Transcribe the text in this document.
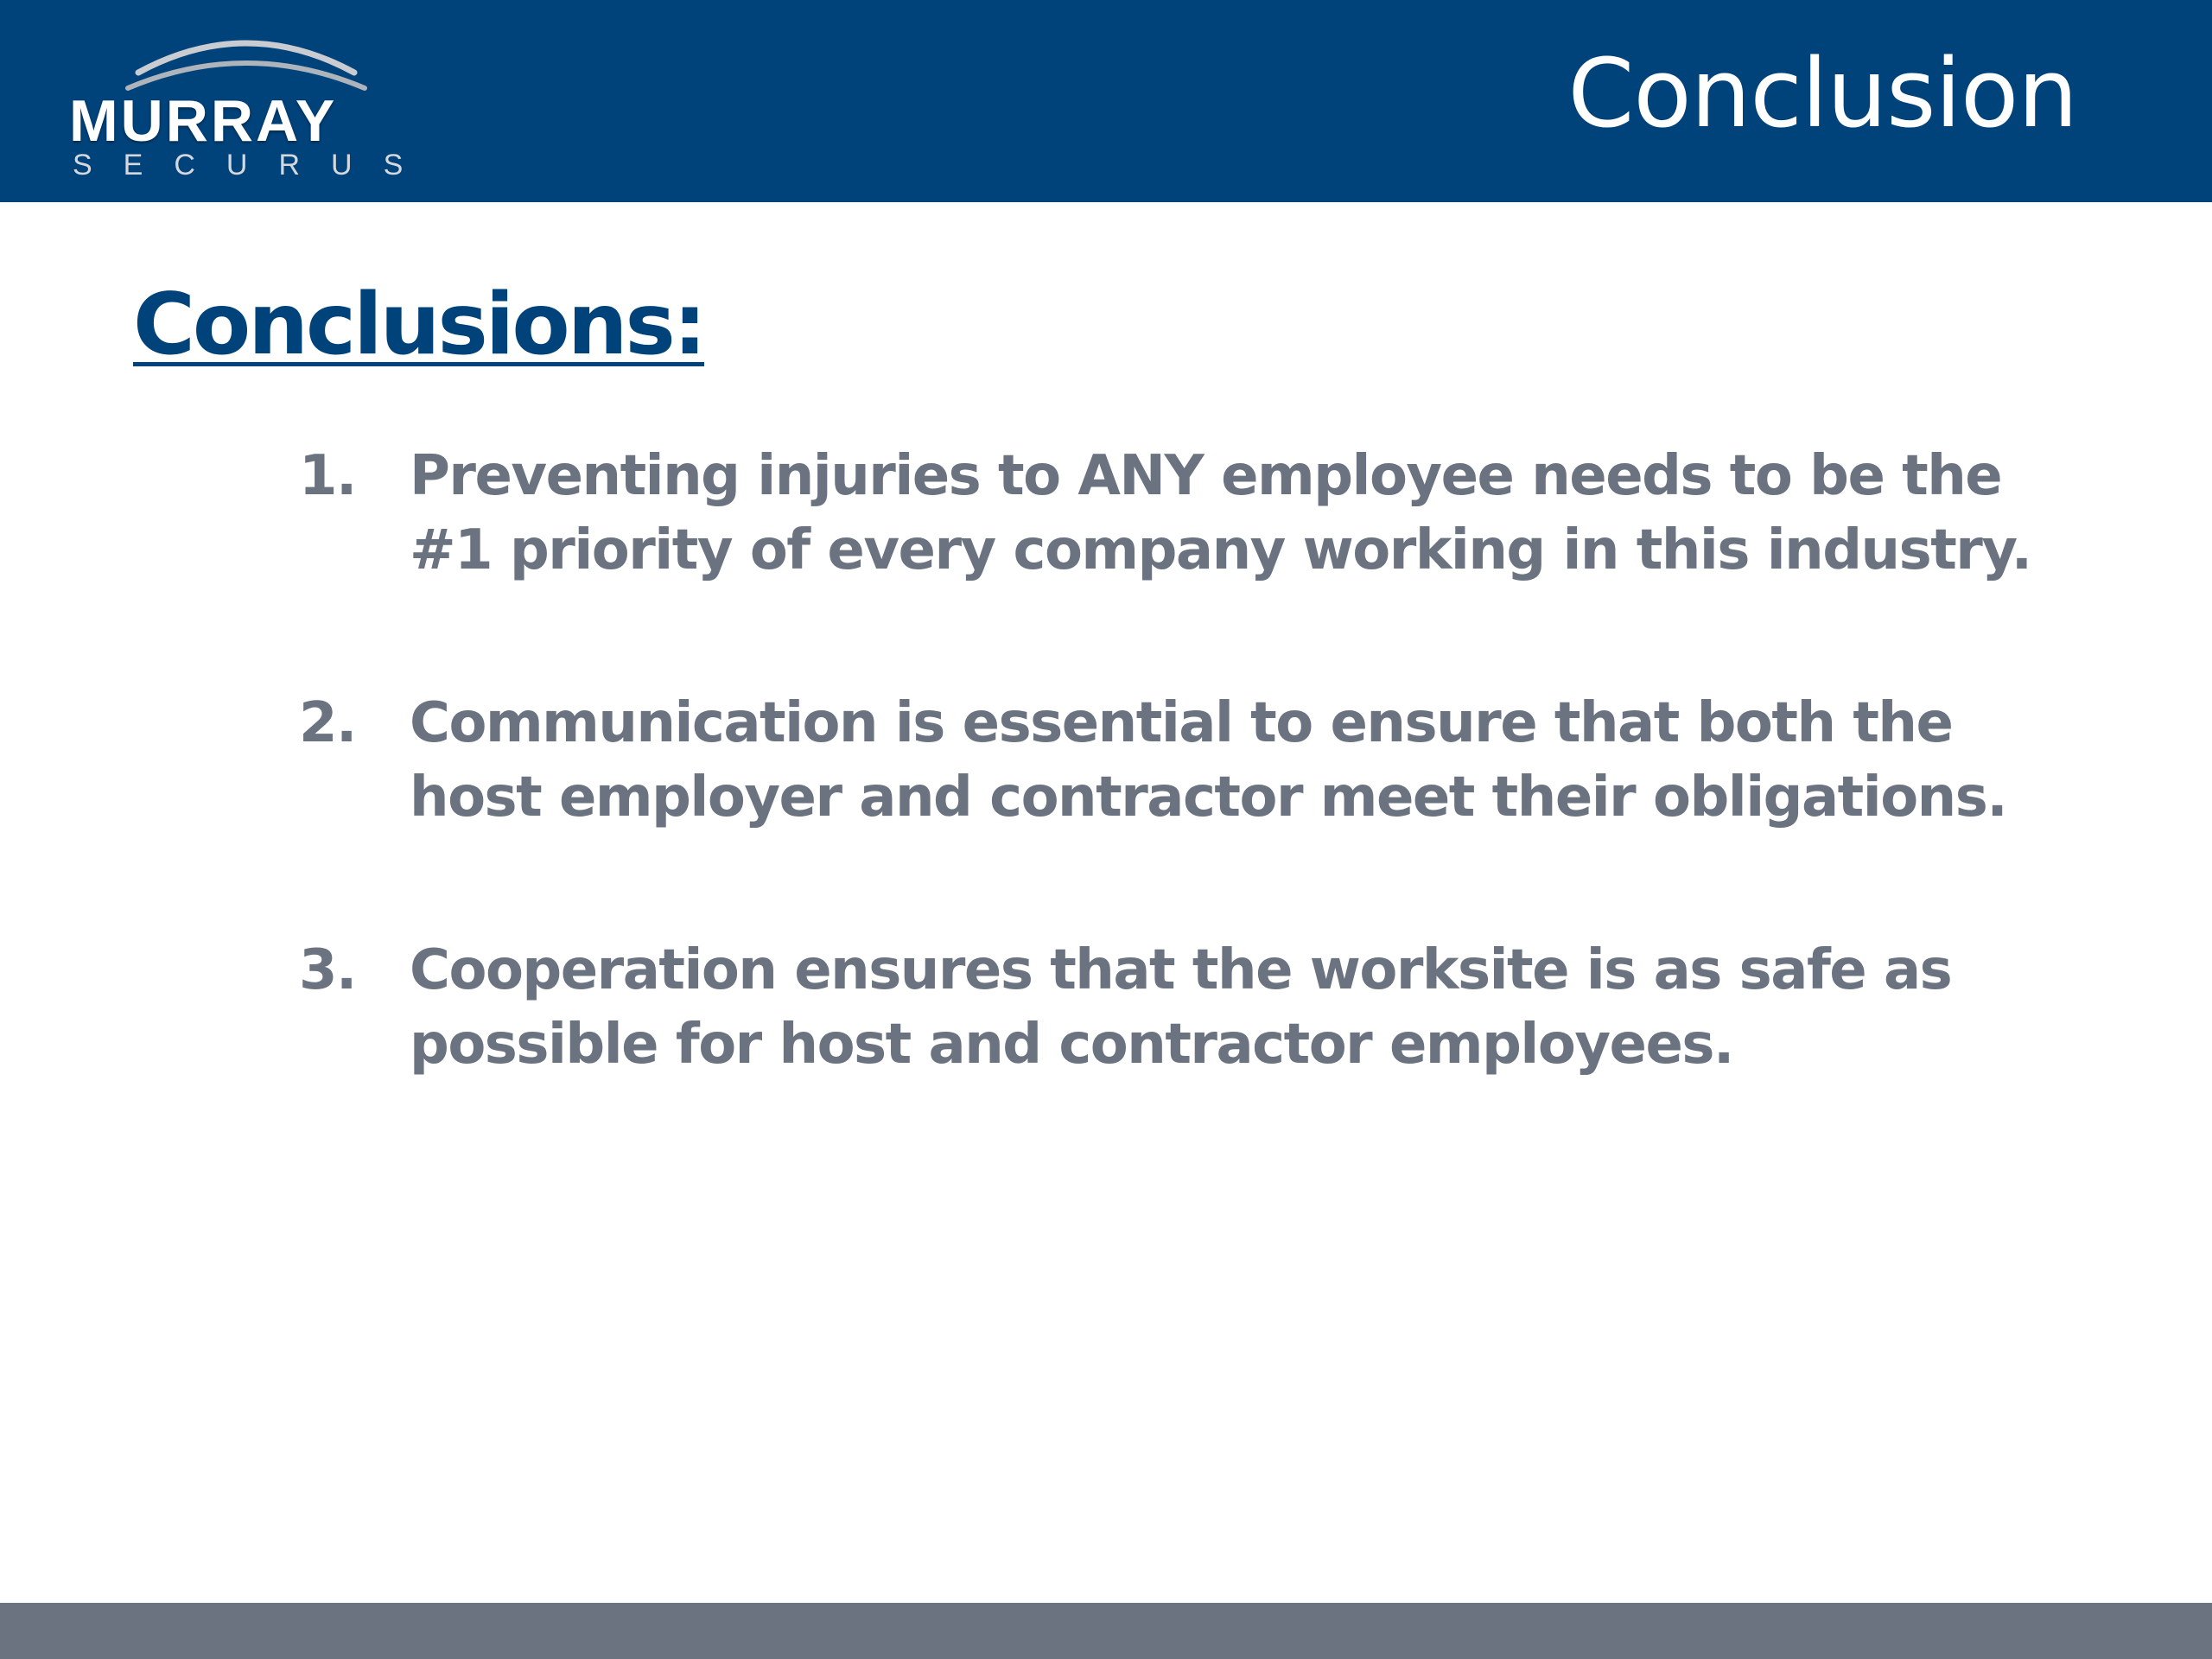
MURRAY
SECURUS
Conclusion
Conclusions:
1. Preventing injuries to ANY employee needs to be the #1 priority of every company working in this industry.
2. Communication is essential to ensure that both the host employer and contractor meet their obligations.
3. Cooperation ensures that the worksite is as safe as possible for host and contractor employees.
